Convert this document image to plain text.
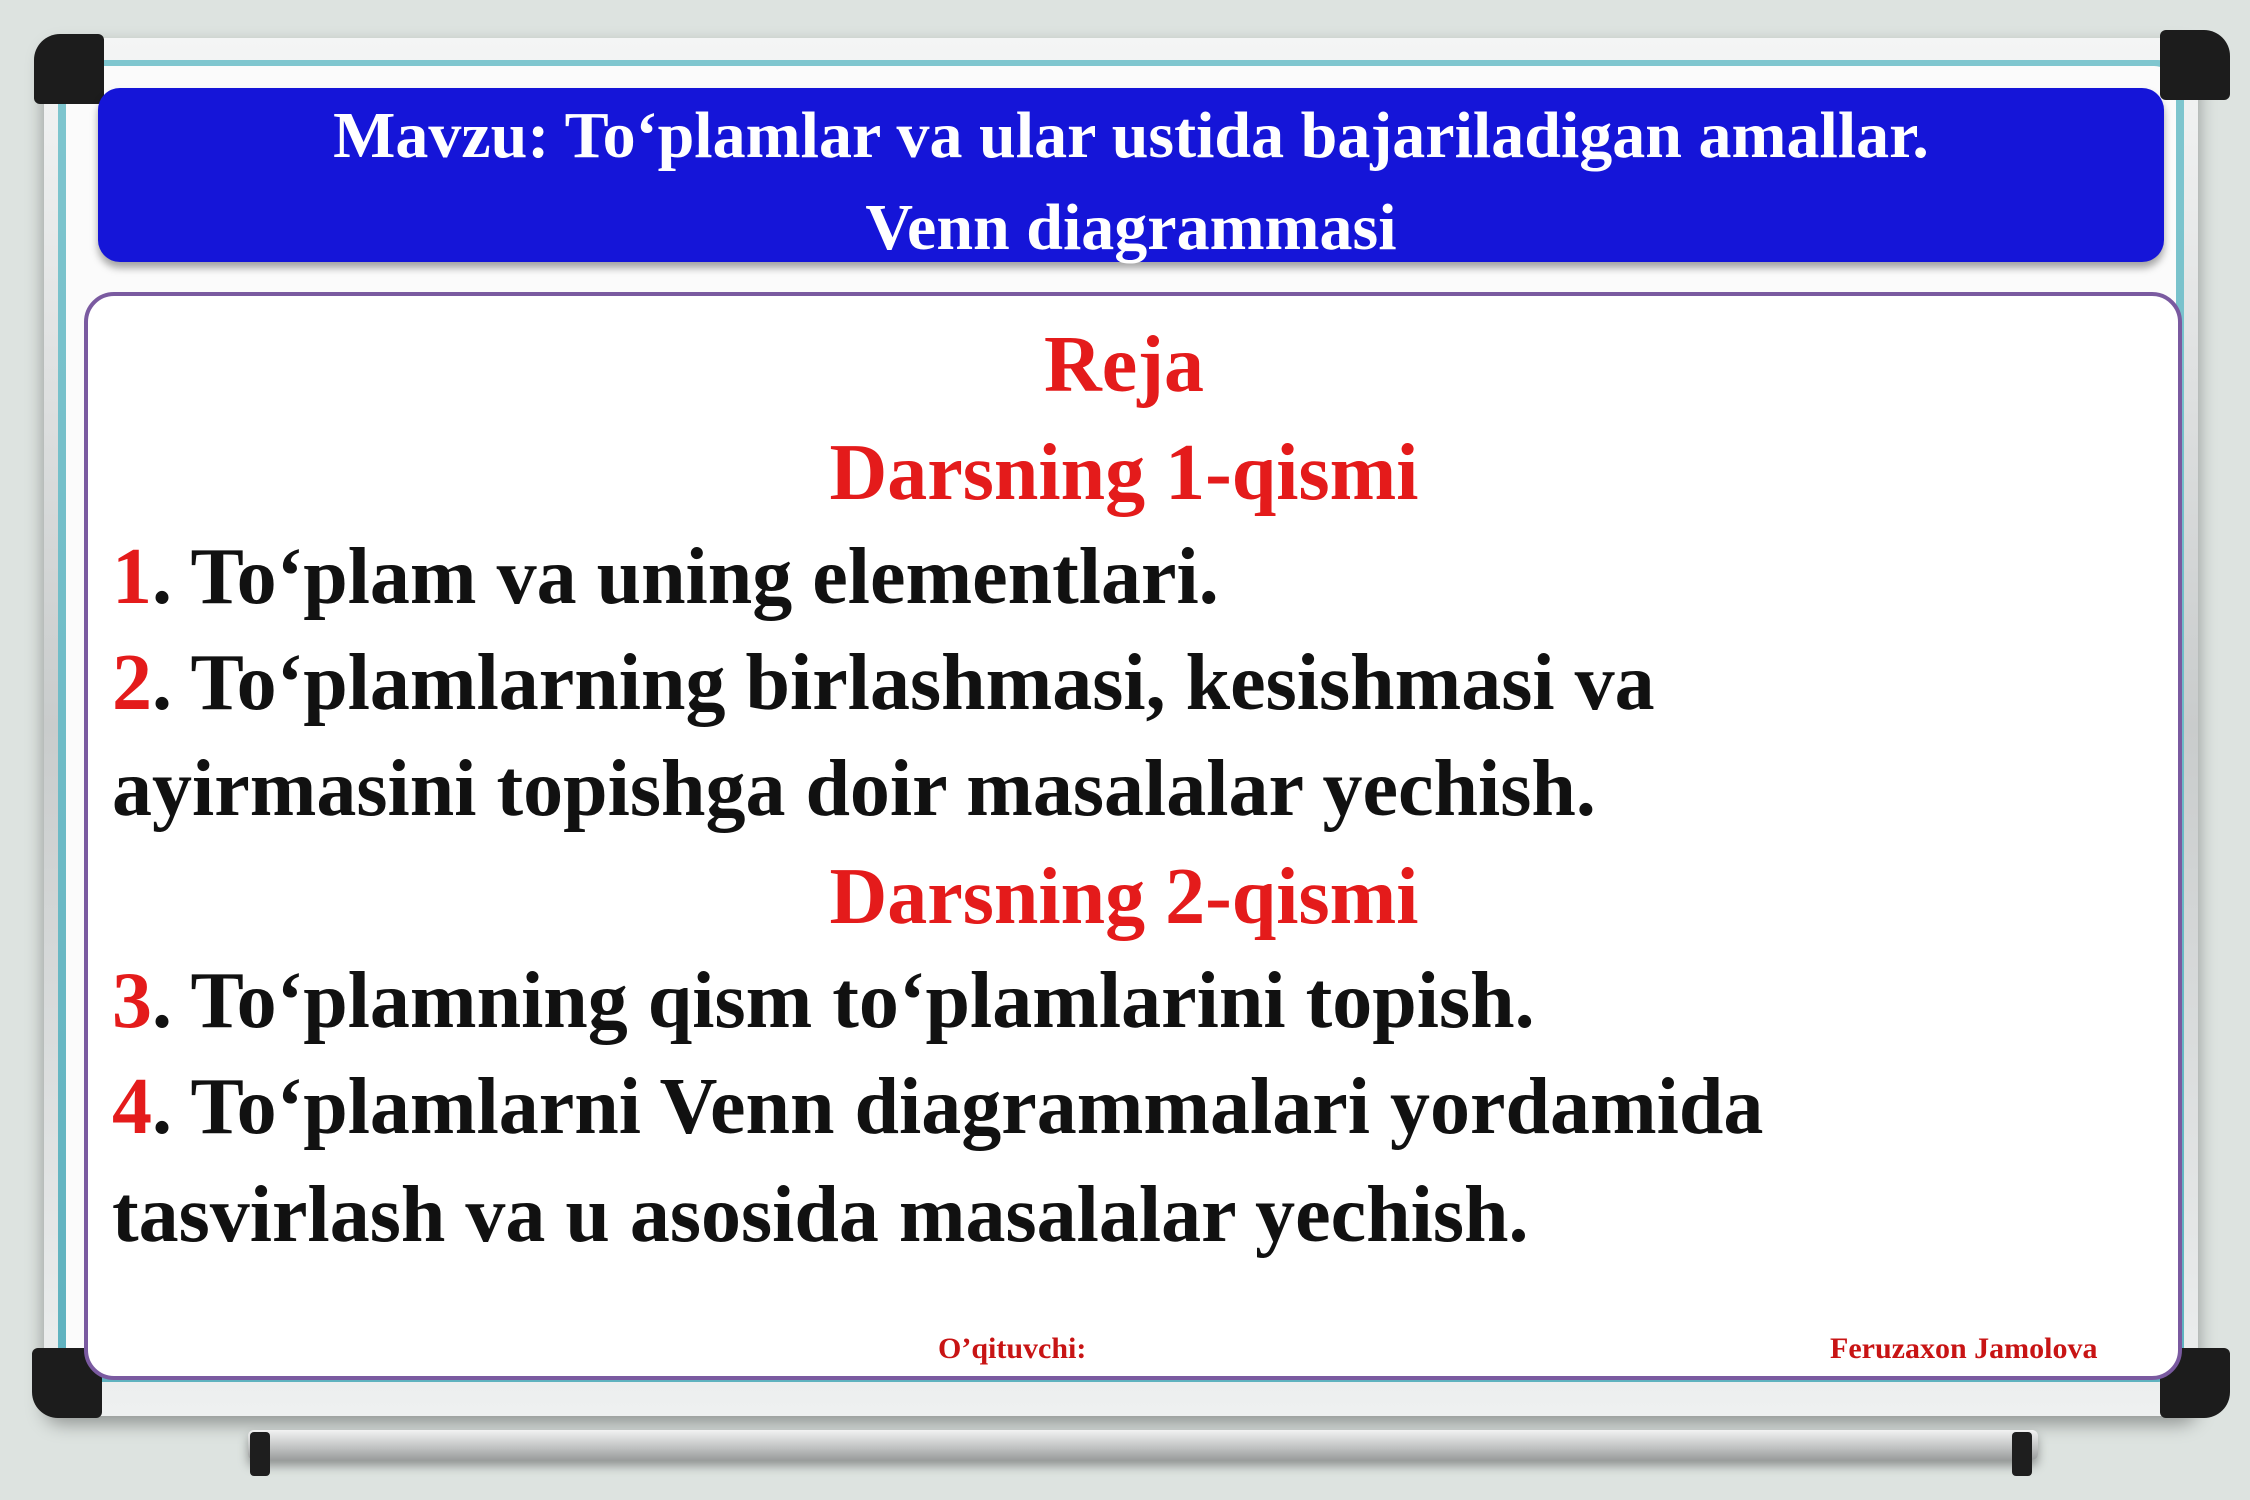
Mavzu: To‘plamlar va ular ustida bajariladigan amallar.
Venn diagrammasi
Reja
Darsning 1-qismi
1. To‘plam va uning elementlari.
2. To‘plamlarning birlashmasi, kesishmasi va
ayirmasini topishga doir masalalar yechish.
Darsning 2-qismi
3. To‘plamning qism to‘plamlarini topish.
4. To‘plamlarni Venn diagrammalari yordamida
tasvirlash va u asosida masalalar yechish.
O’qituvchi:	Feruzaxon Jamolova
